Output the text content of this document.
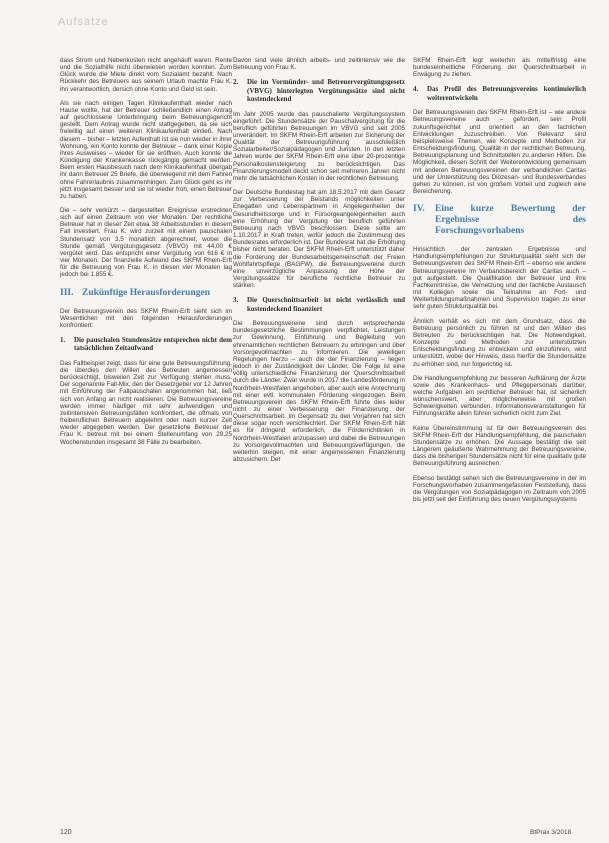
Aufsätze

dass Strom und Nebenkosten nicht angehäuft waren. Rente und die Sozialhilfe nicht überwiesen worden konnten. Zum Glück wurde die Miete direkt vom Sozialamt bezahlt. Nach Rückkehr des Betreuers aus seinem Urlaub machte Frau K. ihn verantwortlich, dersich ohne Konto und Geld ist sein.

Als sie nach einigen Tagen Klinikaufenthalt wieder nach Hause wollte, hat der Betreuer schließendlich einen Antrag auf geschlossene Unterbringung beim Betreuungsgericht gestellt. Dem Antrag wurde nicht stattgegeben, da sie sich freiwillig auf einen weiteren Klinikaufenthalt einließ. Nach diesem – bisher – letzten Aufenthalt ist sie nun wieder in ihrer Wohnung, ein Konto konnte der Betreuer – dank einer Kopie ihres Ausweises – wieder für sie eröffnen. Auch konnte die Kündigung der Krankenkasse rückgängig gemacht werden. Beim ersten Hausbesuch nach dem Klinikaufenthalt übergab ihr dann Betreuer 25 Briefe, die überwiegend mit dem Fahren ohne Fahrerlaubnis zusammenhingen. Zum Glück geht es ihr jetzt insgesamt besser und sie ist wieder froh, einen Betreuer zu haben.

Die – sehr verkürzt – dargestellten Ereignisse erstreckten sich auf einen Zeitraum von vier Monaten. Der rechtliche Betreuer hat in dieser Zeit etwa 38 Arbeitsstunden in diesem Fall investiert. Frau K. wird zurzeit mit einem pauschalen Stundensatz von 3,5 monatlich abgerechnet, wobei die Stunde gemäß Vergütungsgesetz (VBVG) mit 44,00 € vergütet wird. Das entspricht einer Vergütung von 616 € in vier Monaten. Der finanzielle Aufwand des SKFM Rhein-Erft für die Betreuung von Frau K. in diesen vier Monaten lag jedoch bei 1.855 €.

III. Zukünftige Herausforderungen

Der Betreuungsverein des SKFM Rhein-Erft sieht sich im Wesentlichen mit den folgenden Herausforderungen konfrontiert:

1.	Die pauschalen Stundensätze entsprechen nicht dem tatsächlichen Zeitaufwand

Das Fallbeispiel zeigt, dass für eine gute Betreuungsführung, die überdies den Willen des Betreuten angemessen berücksichtigt, bisweilen Zeit zur Verfügung stehen muss. Der sogenannte Fall-Mix, den der Gesetzgeber vor 12 Jahren mit Einführung der Fallpauschalen angenommen hat, ließ sich von Anfang an nicht realisieren. Die Betreuungsvereine werden immer häufiger mit sehr aufwendigen und zeitintensiven Betreuungsfällen konfrontiert, die oftmals von freiberuflichen Betreuern abgelehnt oder nach kurzer Zeit wieder abgegeben werden. Der gesetzliche Betreuer der Frau K. betreut mit bei einem Stellenumfang von 29,25 Wochenstunden insgesamt 38 Fälle zu bearbeiten.

Davon sind viele ähnlich arbeits- und zeitintensiv wie die Betreuung von Frau K.

2.	Die im Vormünder- und Betreuervergütungsgesetz (VBVG) hinterlegten Vergütungssätze sind nicht kostendeckend

Im Jahr 2005 wurde das pauschalierte Vergütungssystem eingeführt. Die Stundensätze der Pauschalvergütung für die beruflich geführten Betreuungen im VBVG sind seit 2005 unverändert. Im SKFM Rhein-Erft arbeiten zur Sicherung der Qualität der Betreuungsführung ausschließlich Sozialarbeiter/Sozialpädagogen und Juristen. In den letzten Jahren wurde der SKFM Rhein-Erft eine über 20-prozentige Personalkostensteigerung zu berücksichtigen. Das Finanzierungsmodell deckt schon seit mehreren Jahren nicht mehr die tatsächlichen Kosten in der rechtlichen Betreuung.

Der Deutsche Bundestag hat am 18.5.2017 mit dem Gesetz zur Verbesserung der Beistands möglichkeiten unter Ehegatten und Lebenspartnern in Angelegenheiten der Gesundheitssorge und in Fürsorgeangelegenheiten auch eine Erhöhung der Vergütung der beruflich geführten Betreuung nach VBVG beschlossen. Diese sollte am 1.10.2017 in Kraft treten, wofür jedoch die Zustimmung des Bundesrates erforderlich ist. Der Bundesrat hat die Erhöhung bisher nicht beraten. Der SKFM Rhein-Erft unterstützt daher die Forderung der Bundesarbeitsgemeinschaft der Freien Wohlfahrtspflege (BAGFW), die Betreuungsvereine durch eine unverzügliche Anpassung der Höhe der Vergütungssätze für berufliche rechtliche Betreuer zu stärken.

3.	Die Querschnittsarbeit ist nicht verlässlich und kostendeckend finanziert

Die Betreuungsvereine sind durch entsprechende bundesgesetzliche Bestimmungen verpflichtet, Leistungen zur Gewinnung, Einführung und Begleitung von ehrenamtlichen rechtlichen Betreuern zu erbringen und über Vorsorgevollmachten zu informieren. Die jeweiligen Regelungen hierzu – auch die der Finanzierung – liegen jedoch in der Zuständigkeit der Länder. Die Folge ist eine völlig unterschiedliche Finanzierung der Querschnittsarbeit durch die Länder. Zwar wurde in 2017 die Landesförderung in Nordrhein-Westfalen angehoben, aber auch eine Anrechnung mit einer evtl. kommunalen Förderung eingezogen. Beim Betreuungsverein des SKFM Rhein-Erft führte dies leider nicht zu einer Verbesserung der Finanzierung der Querschnittsarbeit. Im Gegensatz zu den Vorjahren hat sich diese sogar noch verschlechtert. Der SKFM Rhein-Erft hält es für dringend erforderlich, die Förderrichtlinien in Nordrhein-Westfalen anzupassen und dabei die Betreuungen zu Vorsorgevollmachten und Betreuungsverfügungen, die weiterhin steigen, mit einer angemessenen Finanzierung abzusichern. Der

SKFM Rhein-Erft legt weiterhin als mittelfristig eine bundeseinheitliche Förderung der Querschnittsarbeit in Erwägung zu ziehen.

4.	Das Profil des Betreuungsvereins kontinuierlich weiterentwickeln

Der Betreuungsverein des SKFM Rhein-Erft ist – wie andere Betreuungsvereine auch – gefordert, sein Profil zukunftsgerichtet und orientiert an den fachlichen Entwicklungen zuzuschreiben. Von Relevanz sind beispielsweise Themen, wie Konzepte und Methoden zur Entscheidungsfindung, Qualität in der rechtlichen Betreuung, Betreuungsplanung und Schnittstellen zu anderen Hilfen. Die Möglichkeit, diesen Schritt der Weiterentwicklung gemeinsam mit anderen Betreuungsvereinen der verbandlichen Caritas und der Unterstützung des Diözesan- und Bundesverbandes gehen zu können, ist von großem Vorteil und zugleich eine Bereicherung.

IV.	Eine kurze Bewertung der Ergebnisse des Forschungsvorhabens

Hinsichtlich der zentralen Ergebnisse und Handlungsempfehlungen zur Strukturqualität sieht sich der Betreuungsverein des SKFM Rhein-Erft – ebenso wie andere Betreuungsvereine im Verbandsbereich der Caritas auch – gut aufgestellt. Die Qualifikation der Betreuer und ihre Fachkenntnisse, die Vernetzung und der fachliche Austausch mit Kollegen sowie die Teilnahme an Fort- und Weiterbildungsmaßnahmen und Supervision tragen zu einer sehr guten Strukturqualität bei.

Ähnlich verhält es sich mit dem Grundsatz, dass die Betreuung persönlich zu führen ist und den Willen des Betreuten zu berücksichtigen hat. Die Notwendigkeit, Konzepte und Methoden zur unterstützten Entscheidungsfindung zu entwickeln und einzuführen, wird unterstützt, wobei der Hinweis, dass hierfür die Stundensätze zu erhöhen sind, nur folgerichtig ist.

Die Handlungsempfehlung zur besseren Aufklärung der Ärzte sowie des Krankenhaus- und Pflegepersonals darüber, welche Aufgaben ein rechtlicher Betreuer hat, ist sicherlich wünschenswert, aber möglicherweise mit großen Schwierigkeiten verbunden. Informationsveranstaltungen für Führungskräfte allein führen sicherlich nicht zum Ziel.

Keine Übereinstimmung ist für den Betreuungsverein des SKFM Rhein-Erft der Handlungsempfehlung, die pauschalen Stundensätze zu erhöhen. Die Aussage bestätigt die seit Längerem geäußerte Wahrnehmung der Betreuungsvereine, dass die bisherigen Stundensätze nicht für eine qualitativ gute Betreuungsführung ausreichen.

Ebenso bestätigt sehen sich die Betreuungsvereine in der im Forschungsvorhaben zusammengefassten Feststellung, dass die Vergütungen von Sozialpädagogen im Zeitraum von 2005 bis jetzt seit der Einführung des neuen Vergütungssystems

120	BtPrax 3/2018
